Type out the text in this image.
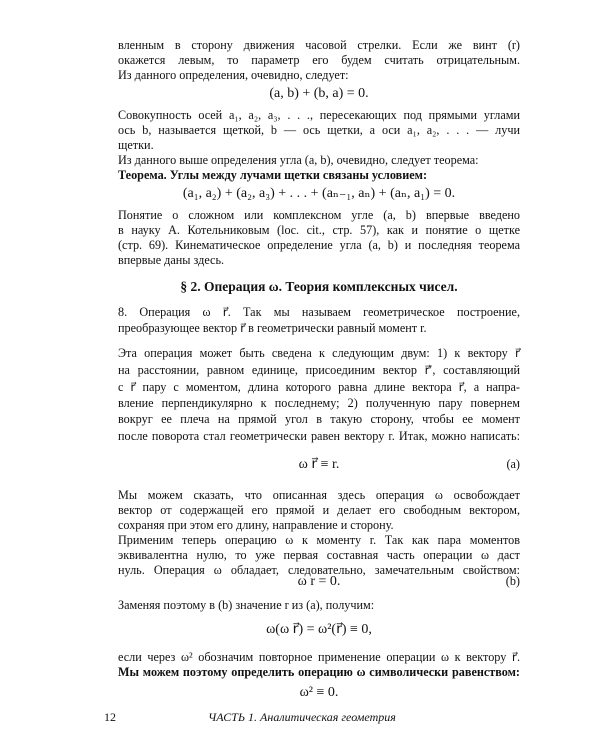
вленным в сторону движения часовой стрелки. Если же винт (r)
окажется левым, то параметр его будем считать отрицательным.
Из данного определения, очевидно, следует:
(a, b) + (b, a) = 0.
Совокупность осей a₁, a₂, a₃, . . ., пересекающих под прямыми углами
ось b, называется щеткой, b — ось щетки, а оси a₁, a₂, . . . — лучи
щетки.
Из данного выше определения угла (a, b), очевидно, следует теорема:
Теорема. Углы между лучами щетки связаны условием:
(a₁, a₂) + (a₂, a₃) + . . . + (aₙ₋₁, aₙ) + (aₙ, a₁) = 0.
Понятие о сложном или комплексном угле (a, b) впервые введено
в науку А. Котельниковым (loc. cit., стр. 57), как и понятие о щетке
(стр. 69). Кинематическое определение угла (a, b) и последняя теорема
впервые даны здесь.
§ 2. Операция ω. Теория комплексных чисел.
8. Операция ω r⃗. Так мы называем геометрическое построение,
преобразующее вектор r⃗ в геометрически равный момент r.
Эта операция может быть сведена к следующим двум: 1) к вектору r⃗
на расстоянии, равном единице, присоединим вектор r⃗′, составляющий
с r⃗ пару с моментом, длина которого равна длине вектора r⃗, а напра-
вление перпендикулярно к последнему; 2) полученную пару повернем
вокруг ее плеча на прямой угол в такую сторону, чтобы ее момент
после поворота стал геометрически равен вектору r. Итак, можно написать:
ω r⃗ ≡ r.	(a)
Мы можем сказать, что описанная здесь операция ω освобождает
вектор от содержащей его прямой и делает его свободным вектором,
сохраняя при этом его длину, направление и сторону.
Применим теперь операцию ω к моменту r. Так как пара моментов
эквивалентна нулю, то уже первая составная часть операции ω даст
нуль. Операция ω обладает, следовательно, замечательным свойством:
ω r = 0.	(b)
Заменяя поэтому в (b) значение r из (a), получим:
ω(ω r⃗) = ω²(r⃗) ≡ 0,
если через ω² обозначим повторное применение операции ω к вектору r⃗.
Мы можем поэтому определить операцию ω символически равенством:
ω² ≡ 0.
12	ЧАСТЬ 1. Аналитическая геометрия
